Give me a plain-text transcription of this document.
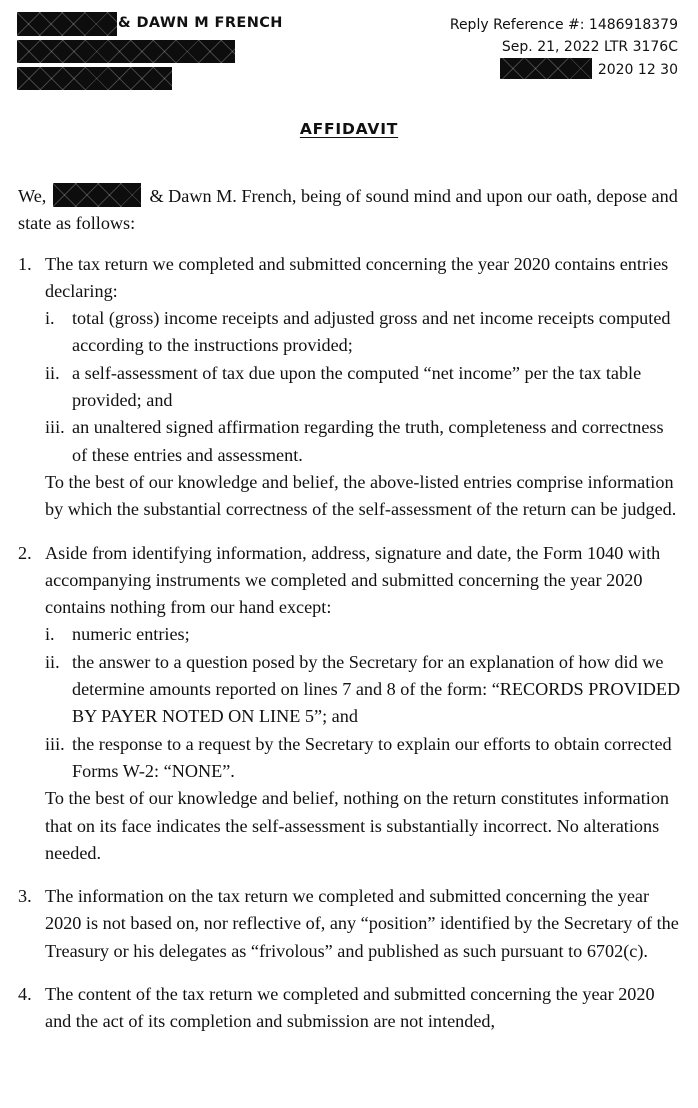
& DAWN M FRENCH	Reply Reference #: 1486918379
Sep. 21, 2022 LTR 3176C
2020 12 30
AFFIDAVIT

We,	& Dawn M. French, being of sound mind and upon our oath, depose and state as follows:

1. The tax return we completed and submitted concerning the year 2020 contains entries declaring:
i. total (gross) income receipts and adjusted gross and net income receipts computed according to the instructions provided;
ii. a self-assessment of tax due upon the computed “net income” per the tax table provided; and
iii. an unaltered signed affirmation regarding the truth, completeness and correctness of these entries and assessment.
To the best of our knowledge and belief, the above-listed entries comprise information by which the substantial correctness of the self-assessment of the return can be judged.
2. Aside from identifying information, address, signature and date, the Form 1040 with accompanying instruments we completed and submitted concerning the year 2020 contains nothing from our hand except:
i. numeric entries;
ii. the answer to a question posed by the Secretary for an explanation of how did we determine amounts reported on lines 7 and 8 of the form: “RECORDS PROVIDED BY PAYER NOTED ON LINE 5”; and
iii. the response to a request by the Secretary to explain our efforts to obtain corrected Forms W-2: “NONE”.
To the best of our knowledge and belief, nothing on the return constitutes information that on its face indicates the self-assessment is substantially incorrect. No alterations needed.
3. The information on the tax return we completed and submitted concerning the year 2020 is not based on, nor reflective of, any “position” identified by the Secretary of the Treasury or his delegates as “frivolous” and published as such pursuant to 6702(c).
4. The content of the tax return we completed and submitted concerning the year 2020 and the act of its completion and submission are not intended,
